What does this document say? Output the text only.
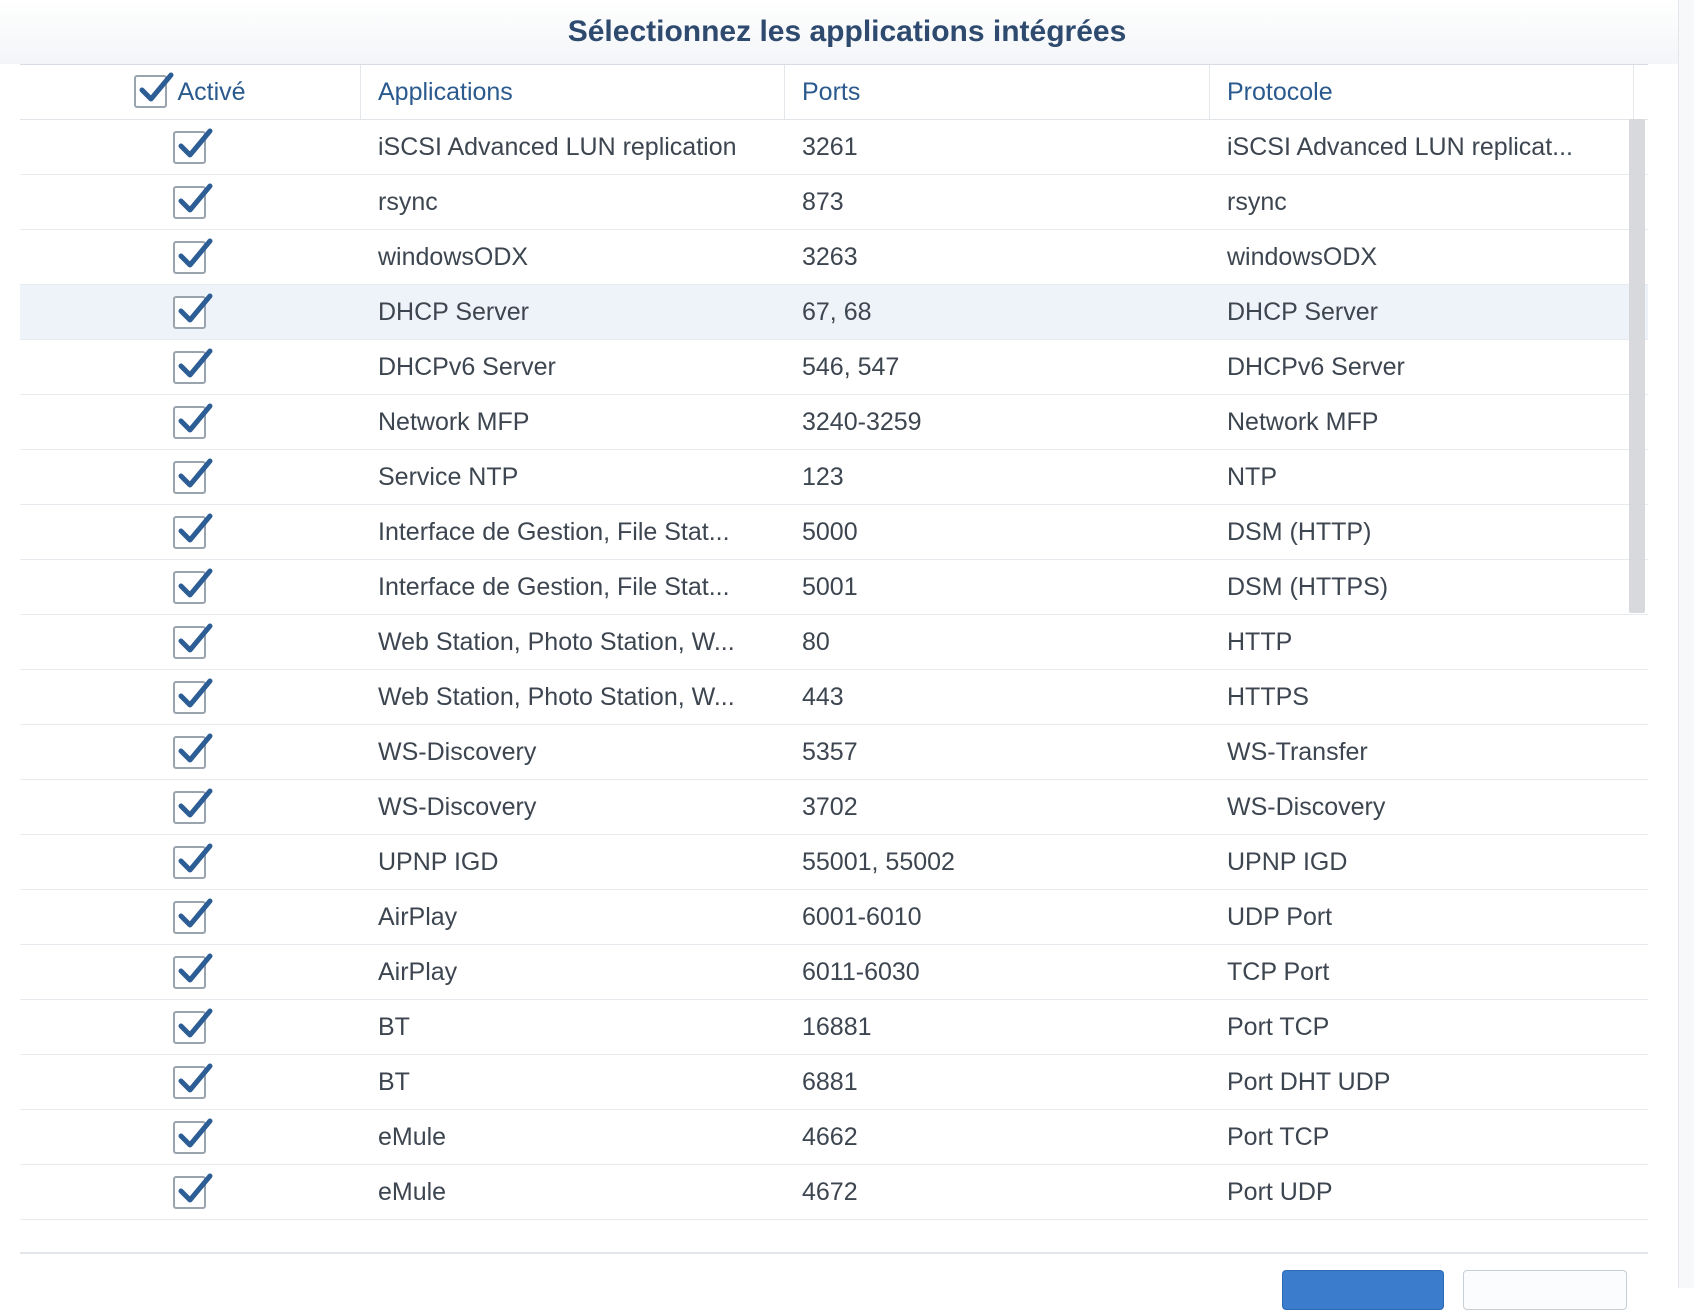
Sélectionnez les applications intégrées
Activé	Applications	Ports	Protocole
iSCSI Advanced LUN replication	3261	iSCSI Advanced LUN replicat...
rsync	873	rsync
windowsODX	3263	windowsODX
DHCP Server	67, 68	DHCP Server
DHCPv6 Server	546, 547	DHCPv6 Server
Network MFP	3240-3259	Network MFP
Service NTP	123	NTP
Interface de Gestion, File Stat...	5000	DSM (HTTP)
Interface de Gestion, File Stat...	5001	DSM (HTTPS)
Web Station, Photo Station, W...	80	HTTP
Web Station, Photo Station, W...	443	HTTPS
WS-Discovery	5357	WS-Transfer
WS-Discovery	3702	WS-Discovery
UPNP IGD	55001, 55002	UPNP IGD
AirPlay	6001-6010	UDP Port
AirPlay	6011-6030	TCP Port
BT	16881	Port TCP
BT	6881	Port DHT UDP
eMule	4662	Port TCP
eMule	4672	Port UDP
